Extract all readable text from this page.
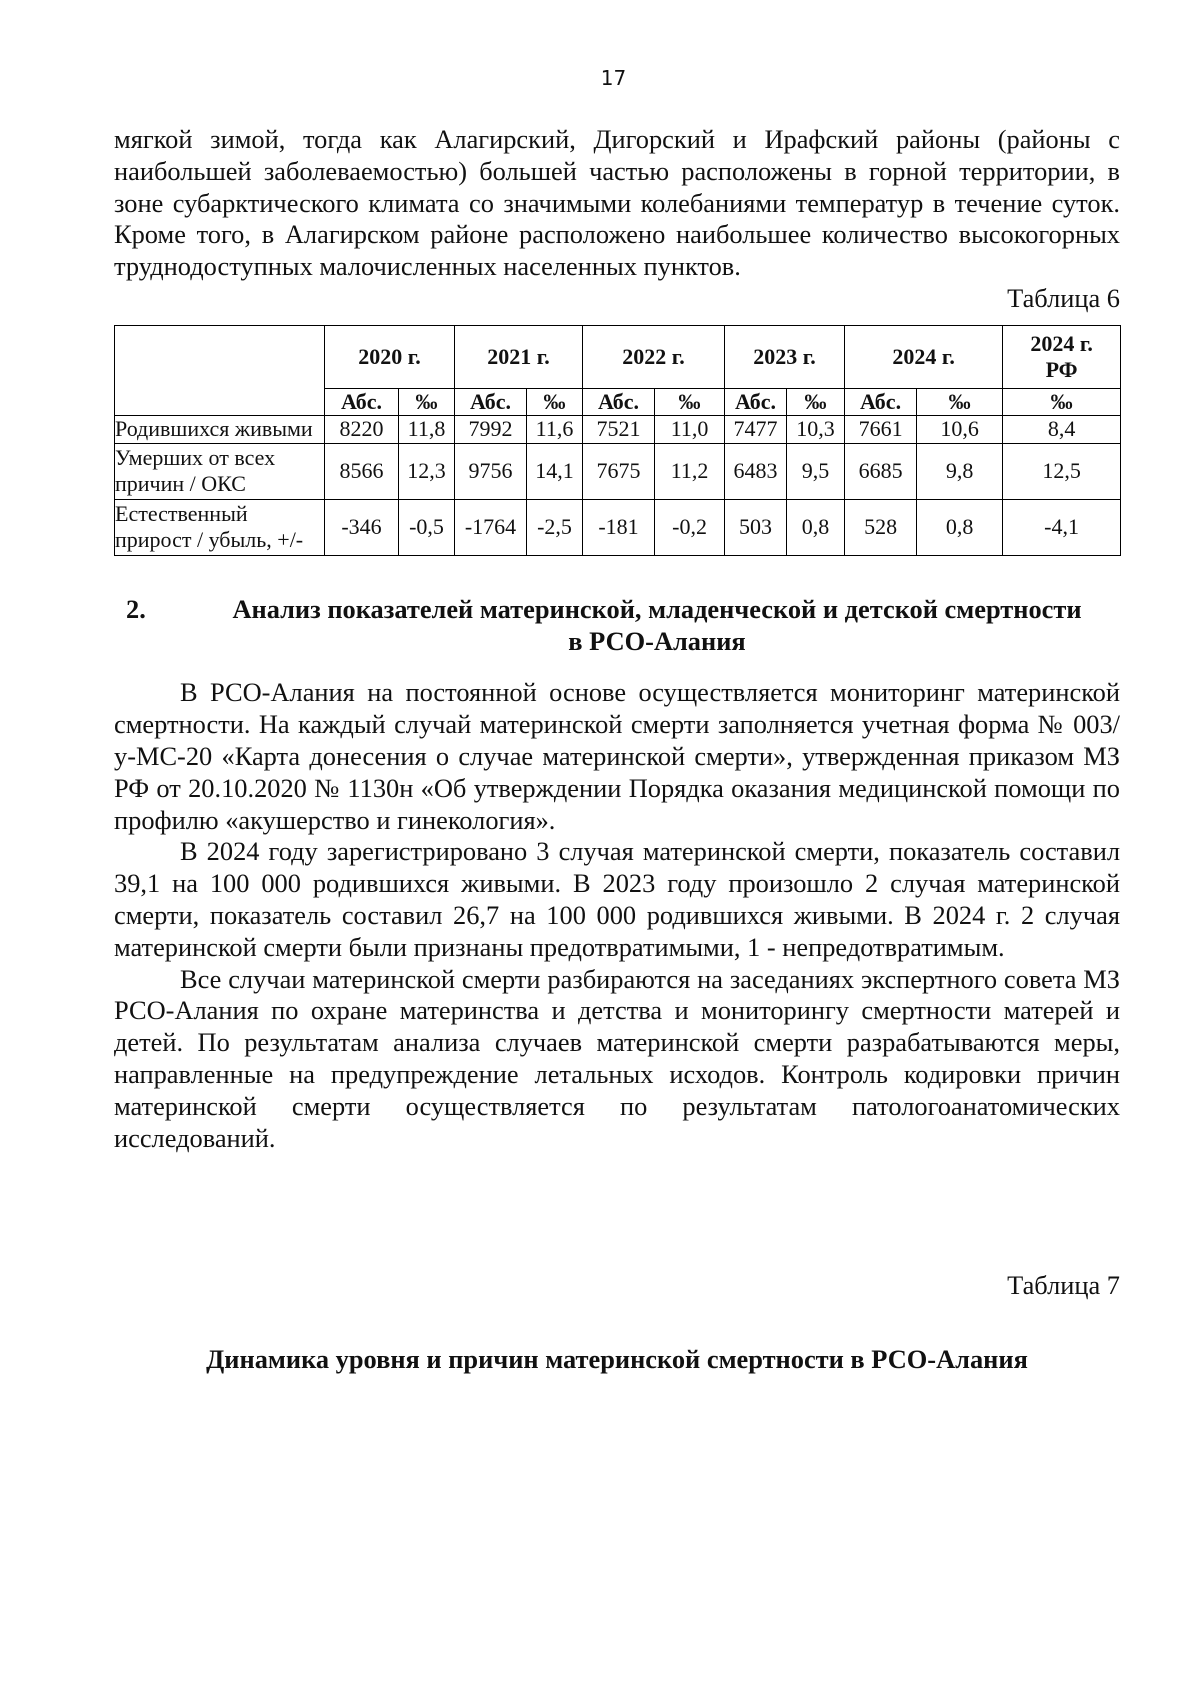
17

мягкой зимой, тогда как Алагирский, Дигорский и Ирафский районы (районы с наибольшей заболеваемостью) большей частью расположены в горной территории, в зоне субарктического климата со значимыми колебаниями температур в течение суток. Кроме того, в Алагирском районе расположено наибольшее количество высокогорных труднодоступных малочисленных населенных пунктов.

Таблица 6

	2020 г.		2021 г.		2022 г.		2023 г.		2024 г.		2024 г.
РФ
	Абс.	‰	Абс.	‰	Абс.	‰	Абс.	‰	Абс.	‰	‰
Родившихся живыми	8220	11,8	7992	11,6	7521	11,0	7477	10,3	7661	10,6	8,4
Умерших от всех
причин / ОКС	8566	12,3	9756	14,1	7675	11,2	6483	9,5	6685	9,8	12,5
Естественный
прирост / убыль, +/-	-346	-0,5	-1764	-2,5	-181	-0,2	503	0,8	528	0,8	-4,1
2.	Анализ показателей материнской, младенческой и детской смертности
в РСО-Алания

В РСО-Алания на постоянной основе осуществляется мониторинг материнской смертности. На каждый случай материнской смерти заполняется учетная форма № 003/у-МС-20 «Карта донесения о случае материнской смерти», утвержденная приказом МЗ РФ от 20.10.2020 № 1130н «Об утверждении Порядка оказания медицинской помощи по профилю «акушерство и гинекология».

В 2024 году зарегистрировано 3 случая материнской смерти, показатель составил 39,1 на 100 000 родившихся живыми. В 2023 году произошло 2 случая материнской смерти, показатель составил 26,7 на 100 000 родившихся живыми. В 2024 г. 2 случая материнской смерти были признаны предотвратимыми, 1 - непредотвратимым.

Все случаи материнской смерти разбираются на заседаниях экспертного совета МЗ РСО-Алания по охране материнства и детства и мониторингу смертности матерей и детей. По результатам анализа случаев материнской смерти разрабатываются меры, направленные на предупреждение летальных исходов. Контроль кодировки причин материнской смерти осуществляется по результатам патологоанатомических исследований.

Таблица 7

Динамика уровня и причин материнской смертности в РСО-Алания
